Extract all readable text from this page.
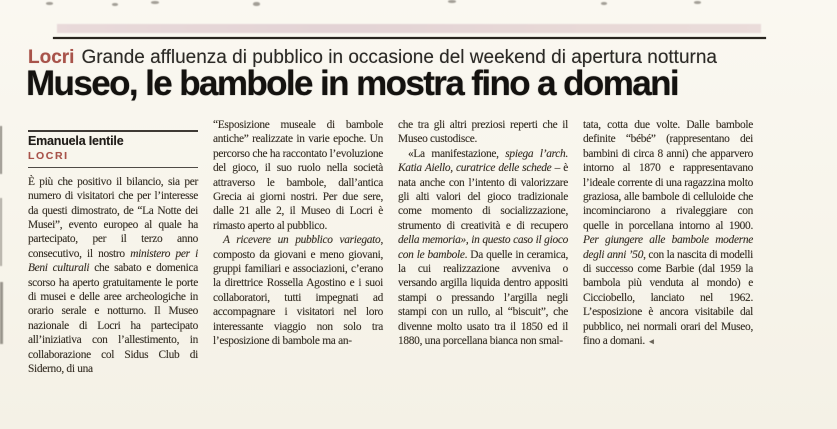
Locri Grande affluenza di pubblico in occasione del weekend di apertura notturna
Museo, le bambole in mostra fino a domani
Emanuela Ientile
LOCRI

È più che positivo il bilancio, sia per numero di visitatori che per l’interesse da questi dimostrato, de “La Notte dei Musei”, evento europeo al quale ha partecipato, per il terzo anno consecutivo, il nostro ministero per i Beni culturali che sabato e domenica scorso ha aperto gratuitamente le porte di musei e delle aree archeologiche in orario serale e notturno. Il Museo nazionale di Locri ha partecipato all’iniziativa con l’allestimento, in collaborazione col Sidus Club di Siderno, di una

“Esposizione museale di bambole antiche” realizzate in varie epoche. Un percorso che ha raccontato l’evoluzione del gioco, il suo ruolo nella società attraverso le bambole, dall’antica Grecia ai giorni nostri. Per due sere, dalle 21 alle 2, il Museo di Locri è rimasto aperto al pubblico.

A ricevere un pubblico variegato, composto da giovani e meno giovani, gruppi familiari e associazioni, c’erano la direttrice Rossella Agostino e i suoi collaboratori, tutti impegnati ad accompagnare i visitatori nel loro interessante viaggio non solo tra l’esposizione di bambole ma an-

che tra gli altri preziosi reperti che il Museo custodisce.

«La manifestazione, spiega l’arch. Katia Aiello, curatrice delle schede – è nata anche con l’intento di valorizzare gli alti valori del gioco tradizionale come momento di socializzazione, strumento di creatività e di recupero della memoria», in questo caso il gioco con le bambole. Da quelle in ceramica, la cui realizzazione avveniva o versando argilla liquida dentro appositi stampi o pressando l’argilla negli stampi con un rullo, al “biscuit”, che divenne molto usato tra il 1850 ed il 1880, una porcellana bianca non smal-

tata, cotta due volte. Dalle bambole definite “bébé” (rappresentano dei bambini di circa 8 anni) che apparvero intorno al 1870 e rappresentavano l’ideale corrente di una ragazzina molto graziosa, alle bambole di celluloide che incominciarono a rivaleggiare con quelle in porcellana intorno al 1900. Per giungere alle bambole moderne degli anni ’50, con la nascita di modelli di successo come Barbie (dal 1959 la bambola più venduta al mondo) e Cicciobello, lanciato nel 1962. L’esposizione è ancora visitabile dal pubblico, nei normali orari del Museo, fino a domani. ◄
